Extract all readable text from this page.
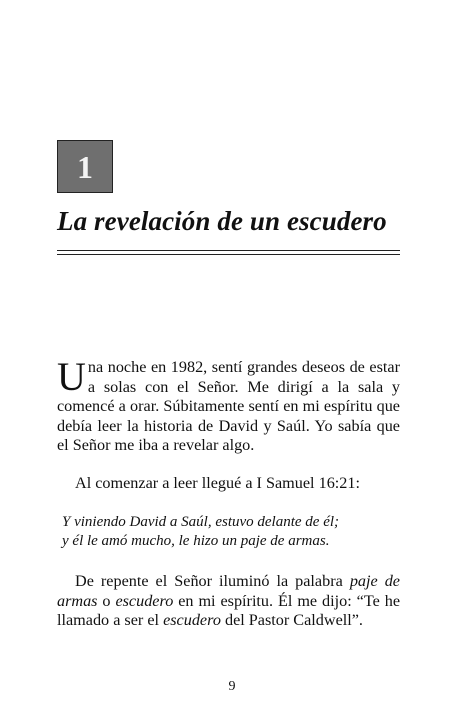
1
La revelación de un escudero
Una noche en 1982, sentí grandes deseos de estar a solas con el Señor. Me dirigí a la sala y comencé a orar. Súbitamente sentí en mi espíritu que debía leer la historia de David y Saúl. Yo sabía que el Señor me iba a revelar algo.
Al comenzar a leer llegué a I Samuel 16:21:
Y viniendo David a Saúl, estuvo delante de él;
y él le amó mucho, le hizo un paje de armas.
De repente el Señor iluminó la palabra paje de armas o escudero en mi espíritu. Él me dijo: “Te he llamado a ser el escudero del Pastor Caldwell”.
9
